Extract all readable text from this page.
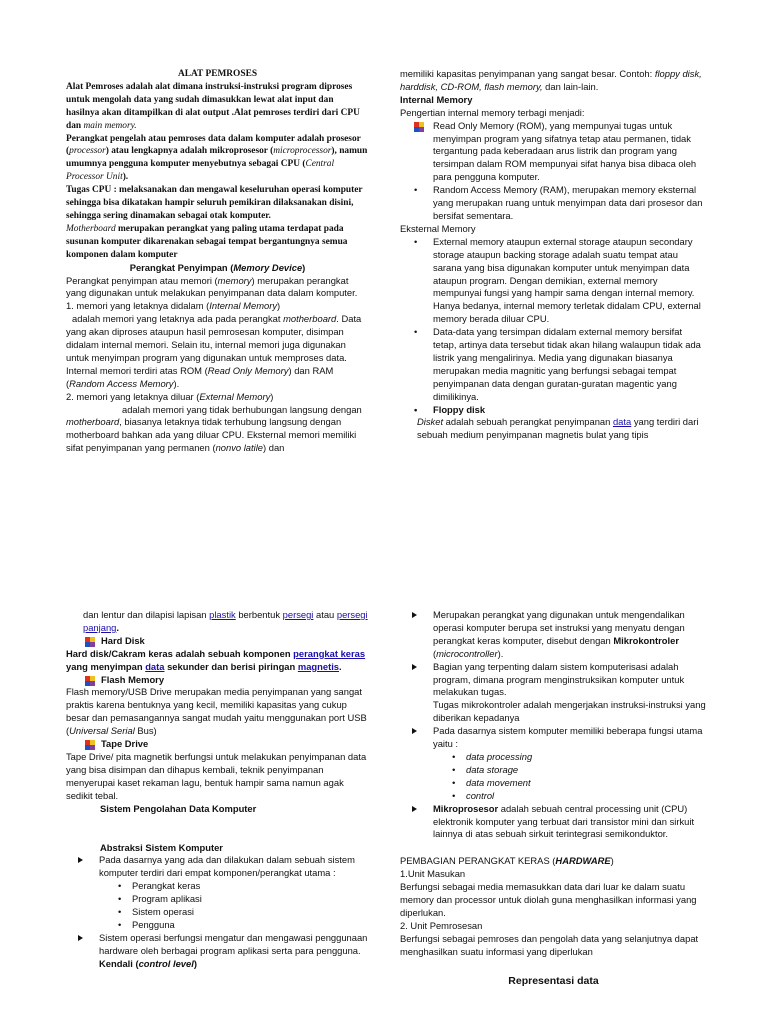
ALAT PEMROSES

Alat Pemroses adalah alat dimana instruksi-instruksi program diproses untuk mengolah data yang sudah dimasukkan lewat alat input dan hasilnya akan ditampilkan di alat output .Alat pemroses terdiri dari CPU dan main memory.

Perangkat pengelah atau pemroses data dalam komputer adalah prosesor (processor) atau lengkapnya adalah mikroprosesor (microprocessor), namun umumnya pengguna komputer menyebutnya sebagai CPU (Central Processor Unit).

Tugas CPU : melaksanakan dan mengawal keseluruhan operasi komputer sehingga bisa dikatakan hampir seluruh pemikiran dilaksanakan disini, sehingga sering dinamakan sebagai otak komputer.

Motherboard merupakan perangkat yang paling utama terdapat pada susunan komputer dikarenakan sebagai tempat bergantungnya semua komponen dalam komputer

Perangkat Penyimpan (Memory Device)

Perangkat penyimpan atau memori (memory) merupakan perangkat yang digunakan untuk melakukan penyimpanan data dalam komputer.

1. memori yang letaknya didalam (Internal Memory)

adalah memori yang letaknya ada pada perangkat motherboard. Data yang akan diproses ataupun hasil pemrosesan komputer, disimpan didalam internal memori. Selain itu, internal memori juga digunakan untuk menyimpan program yang digunakan untuk memproses data. Internal memori terdiri atas ROM (Read Only Memory) dan RAM (Random Access Memory).

2. memori yang letaknya diluar (External Memory)

adalah memori yang tidak berhubungan langsung dengan motherboard, biasanya letaknya tidak terhubung langsung dengan motherboard bahkan ada yang diluar CPU. Eksternal memori memiliki sifat penyimpanan yang permanen (nonvo latile) dan

memiliki kapasitas penyimpanan yang sangat besar. Contoh: floppy disk, harddisk, CD-ROM, flash memory, dan lain-lain.

Internal Memory

Pengertian internal memory terbagi menjadi:

Read Only Memory (ROM), yang mempunyai tugas untuk menyimpan program yang sifatnya tetap atau permanen, tidak tergantung pada keberadaan arus listrik dan program yang tersimpan dalam ROM mempunyai sifat hanya bisa dibaca oleh para pengguna komputer.
• Random Access Memory (RAM), merupakan memory eksternal yang merupakan ruang untuk menyimpan data dari prosesor dan bersifat sementara.
Eksternal Memory
• External memory ataupun external storage ataupun secondary storage ataupun backing storage adalah suatu tempat atau sarana yang bisa digunakan komputer untuk menyimpan data ataupun program. Dengan demikian, external memory mempunyai fungsi yang hampir sama dengan internal memory. Hanya bedanya, internal memory terletak didalam CPU, external memory berada diluar CPU.
• Data-data yang tersimpan didalam external memory bersifat tetap, artinya data tersebut tidak akan hilang walaupun tidak ada listrik yang mengalirinya. Media yang digunakan biasanya merupakan media magnitic yang berfungsi sebagai tempat penyimpanan data dengan guratan-guratan magentic yang dimilikinya.
• Floppy disk

Disket adalah sebuah perangkat penyimpanan data yang terdiri dari sebuah medium penyimpanan magnetis bulat yang tipis

dan lentur dan dilapisi lapisan plastik berbentuk persegi atau persegi panjang.

Hard Disk

Hard disk/Cakram keras adalah sebuah komponen perangkat keras yang menyimpan data sekunder dan berisi piringan magnetis.

Flash Memory

Flash memory/USB Drive merupakan media penyimpanan yang sangat praktis karena bentuknya yang kecil, memiliki kapasitas yang cukup besar dan pemasangannya sangat mudah yaitu menggunakan port USB (Universal Serial Bus)

Tape Drive

Tape Drive/ pita magnetik berfungsi untuk melakukan penyimpanan data yang bisa disimpan dan dihapus kembali, teknik penyimpanan menyerupai kaset rekaman lagu, bentuk hampir sama namun agak sedikit tebal.

Sistem Pengolahan Data Komputer
Abstraksi Sistem Komputer
Pada dasarnya yang ada dan dilakukan dalam sebuah sistem komputer terdiri dari empat komponen/perangkat utama :
• Perangkat keras
• Program aplikasi
• Sistem operasi
• Pengguna
Sistem operasi berfungsi mengatur dan mengawasi penggunaan hardware oleh berbagai program aplikasi serta para pengguna.
Kendali (control level)
Merupakan perangkat yang digunakan untuk mengendalikan operasi komputer berupa set instruksi yang menyatu dengan perangkat keras komputer, disebut dengan Mikrokontroler (microcontroller).
Bagian yang terpenting dalam sistem komputerisasi adalah program, dimana program menginstruksikan komputer untuk melakukan tugas.
Tugas mikrokontroler adalah mengerjakan instruksi-instruksi yang diberikan kepadanya
Pada dasarnya sistem komputer memiliki beberapa fungsi utama yaitu :
• data processing
• data storage
• data movement
• control
Mikroprosesor adalah sebuah central processing unit (CPU) elektronik komputer yang terbuat dari transistor mini dan sirkuit lainnya di atas sebuah sirkuit terintegrasi semikonduktor.
PEMBAGIAN PERANGKAT KERAS (HARDWARE)
1.Unit Masukan

Berfungsi sebagai media memasukkan data dari luar ke dalam suatu memory dan processor untuk diolah guna menghasilkan informasi yang diperlukan.

2. Unit Pemrosesan

Berfungsi sebagai pemroses dan pengolah data yang selanjutnya dapat menghasilkan suatu informasi yang diperlukan

Representasi data
